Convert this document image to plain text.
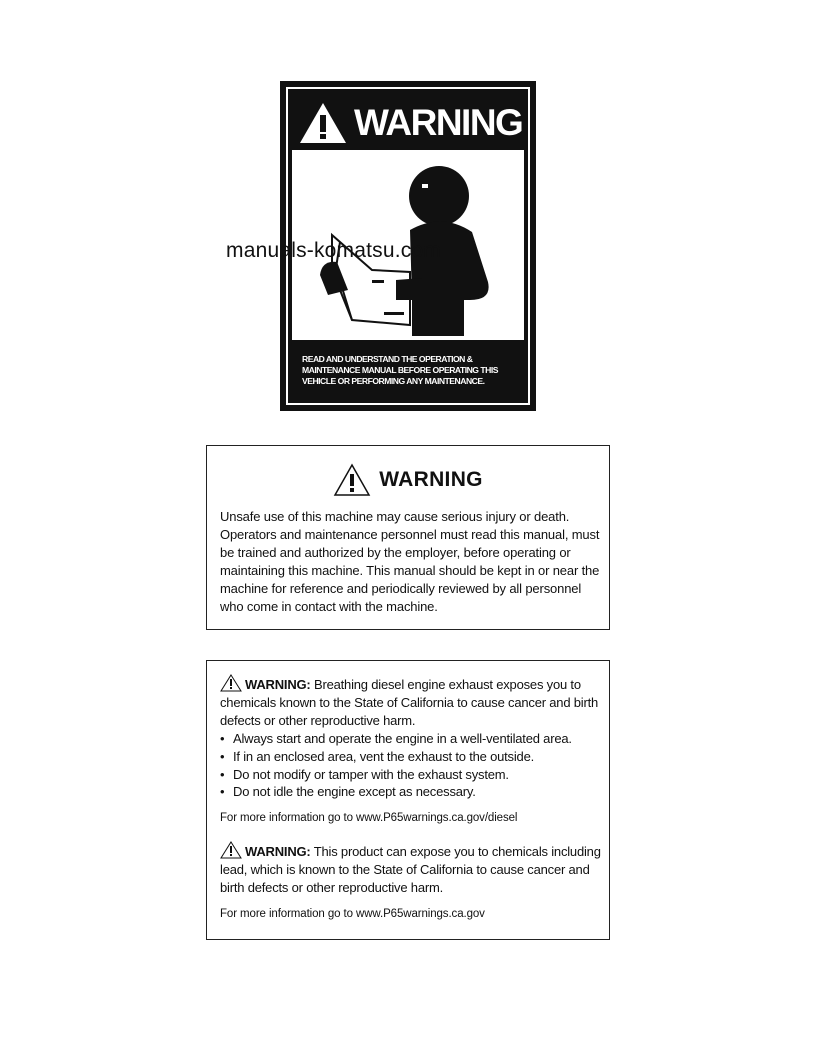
WARNING
READ AND UNDERSTAND THE OPERATION & MAINTENANCE MANUAL BEFORE OPERATING THIS VEHICLE OR PERFORMING ANY MAINTENANCE.
manuals-komatsu.com
WARNING
Unsafe use of this machine may cause serious injury or death. Operators and maintenance personnel must read this manual, must be trained and authorized by the employer, before operating or maintaining this machine. This manual should be kept in or near the machine for reference and periodically reviewed by all personnel who come in contact with the machine.
WARNING: Breathing diesel engine exhaust exposes you to chemicals known to the State of California to cause cancer and birth defects or other reproductive harm.
• Always start and operate the engine in a well-ventilated area.
• If in an enclosed area, vent the exhaust to the outside.
• Do not modify or tamper with the exhaust system.
• Do not idle the engine except as necessary.
For more information go to www.P65warnings.ca.gov/diesel
WARNING: This product can expose you to chemicals including lead, which is known to the State of California to cause cancer and birth defects or other reproductive harm.
For more information go to www.P65warnings.ca.gov
